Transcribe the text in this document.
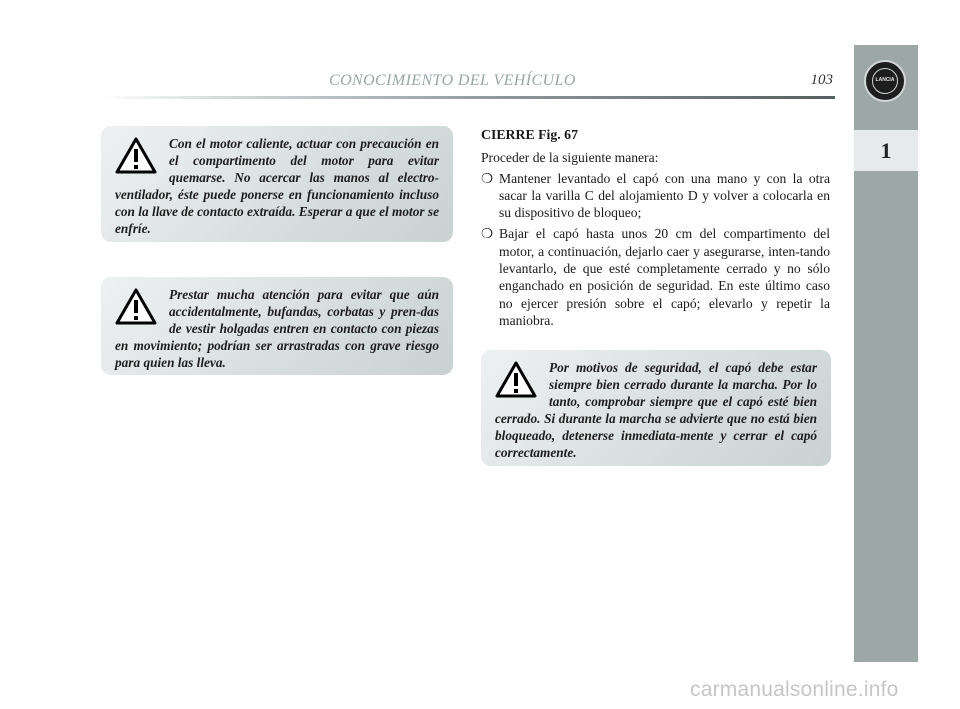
CONOCIMIENTO DEL VEHÍCULO	103	LANCIA
1

Con el motor caliente, actuar con precaución en el compartimento del motor para evitar quemarse. No acercar las manos al electro-ventilador, éste puede ponerse en funcionamiento incluso con la llave de contacto extraída. Esperar a que el motor se enfríe.

Prestar mucha atención para evitar que aún accidentalmente, bufandas, corbatas y pren-das de vestir holgadas entren en contacto con piezas en movimiento; podrían ser arrastradas con grave riesgo para quien las lleva.

CIERRE Fig. 67

Proceder de la siguiente manera:

❍ Mantener levantado el capó con una mano y con la otra sacar la varilla C del alojamiento D y volver a colocarla en su dispositivo de bloqueo;
❍ Bajar el capó hasta unos 20 cm del compartimento del motor, a continuación, dejarlo caer y asegurarse, inten-tando levantarlo, de que esté completamente cerrado y no sólo enganchado en posición de seguridad. En este último caso no ejercer presión sobre el capó; elevarlo y repetir la maniobra.

Por motivos de seguridad, el capó debe estar siempre bien cerrado durante la marcha. Por lo tanto, comprobar siempre que el capó esté bien cerrado. Si durante la marcha se advierte que no está bien bloqueado, detenerse inmediata-mente y cerrar el capó correctamente.

carmanualsonline.info
